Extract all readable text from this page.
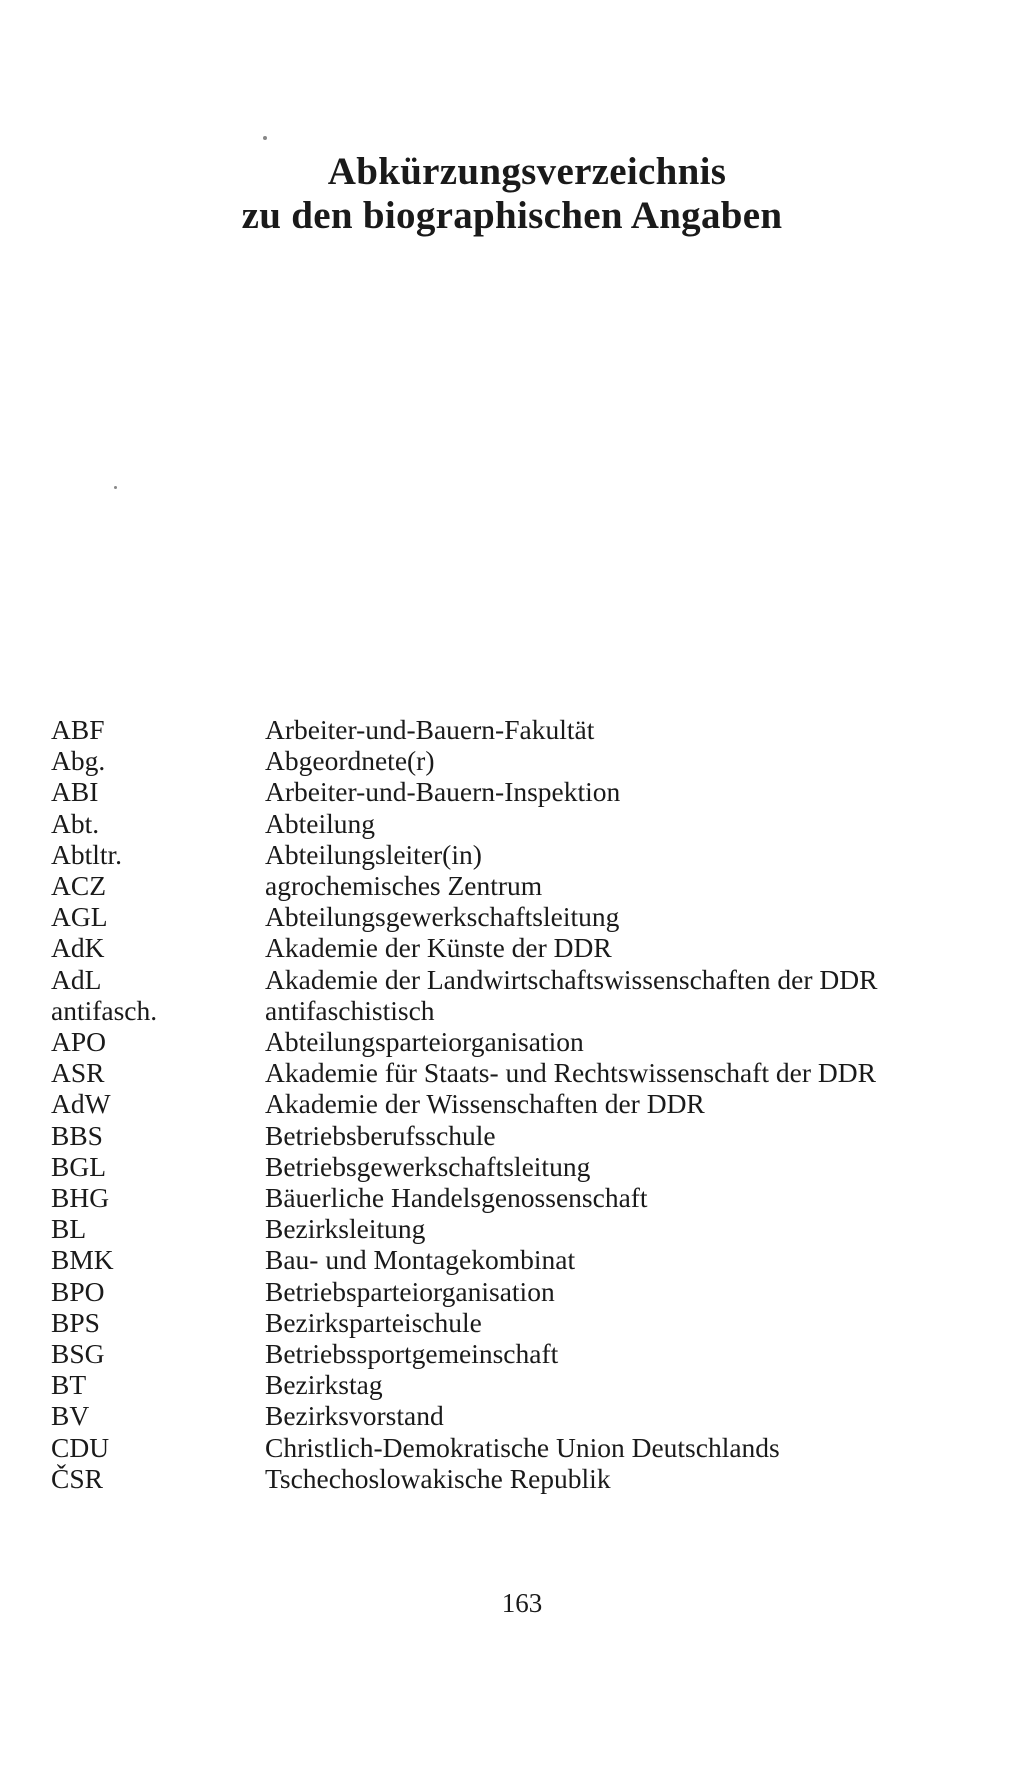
Abkürzungsverzeichnis
zu den biographischen Angaben
ABF	Arbeiter-und-Bauern-Fakultät
Abg.	Abgeordnete(r)
ABI	Arbeiter-und-Bauern-Inspektion
Abt.	Abteilung
Abtltr.	Abteilungsleiter(in)
ACZ	agrochemisches Zentrum
AGL	Abteilungsgewerkschaftsleitung
AdK	Akademie der Künste der DDR
AdL	Akademie der Landwirtschaftswissenschaften der DDR
antifasch.	antifaschistisch
APO	Abteilungsparteiorganisation
ASR	Akademie für Staats- und Rechtswissenschaft der DDR
AdW	Akademie der Wissenschaften der DDR
BBS	Betriebsberufsschule
BGL	Betriebsgewerkschaftsleitung
BHG	Bäuerliche Handelsgenossenschaft
BL	Bezirksleitung
BMK	Bau- und Montagekombinat
BPO	Betriebsparteiorganisation
BPS	Bezirksparteischule
BSG	Betriebssportgemeinschaft
BT	Bezirkstag
BV	Bezirksvorstand
CDU	Christlich-Demokratische Union Deutschlands
ČSR	Tschechoslowakische Republik
163
